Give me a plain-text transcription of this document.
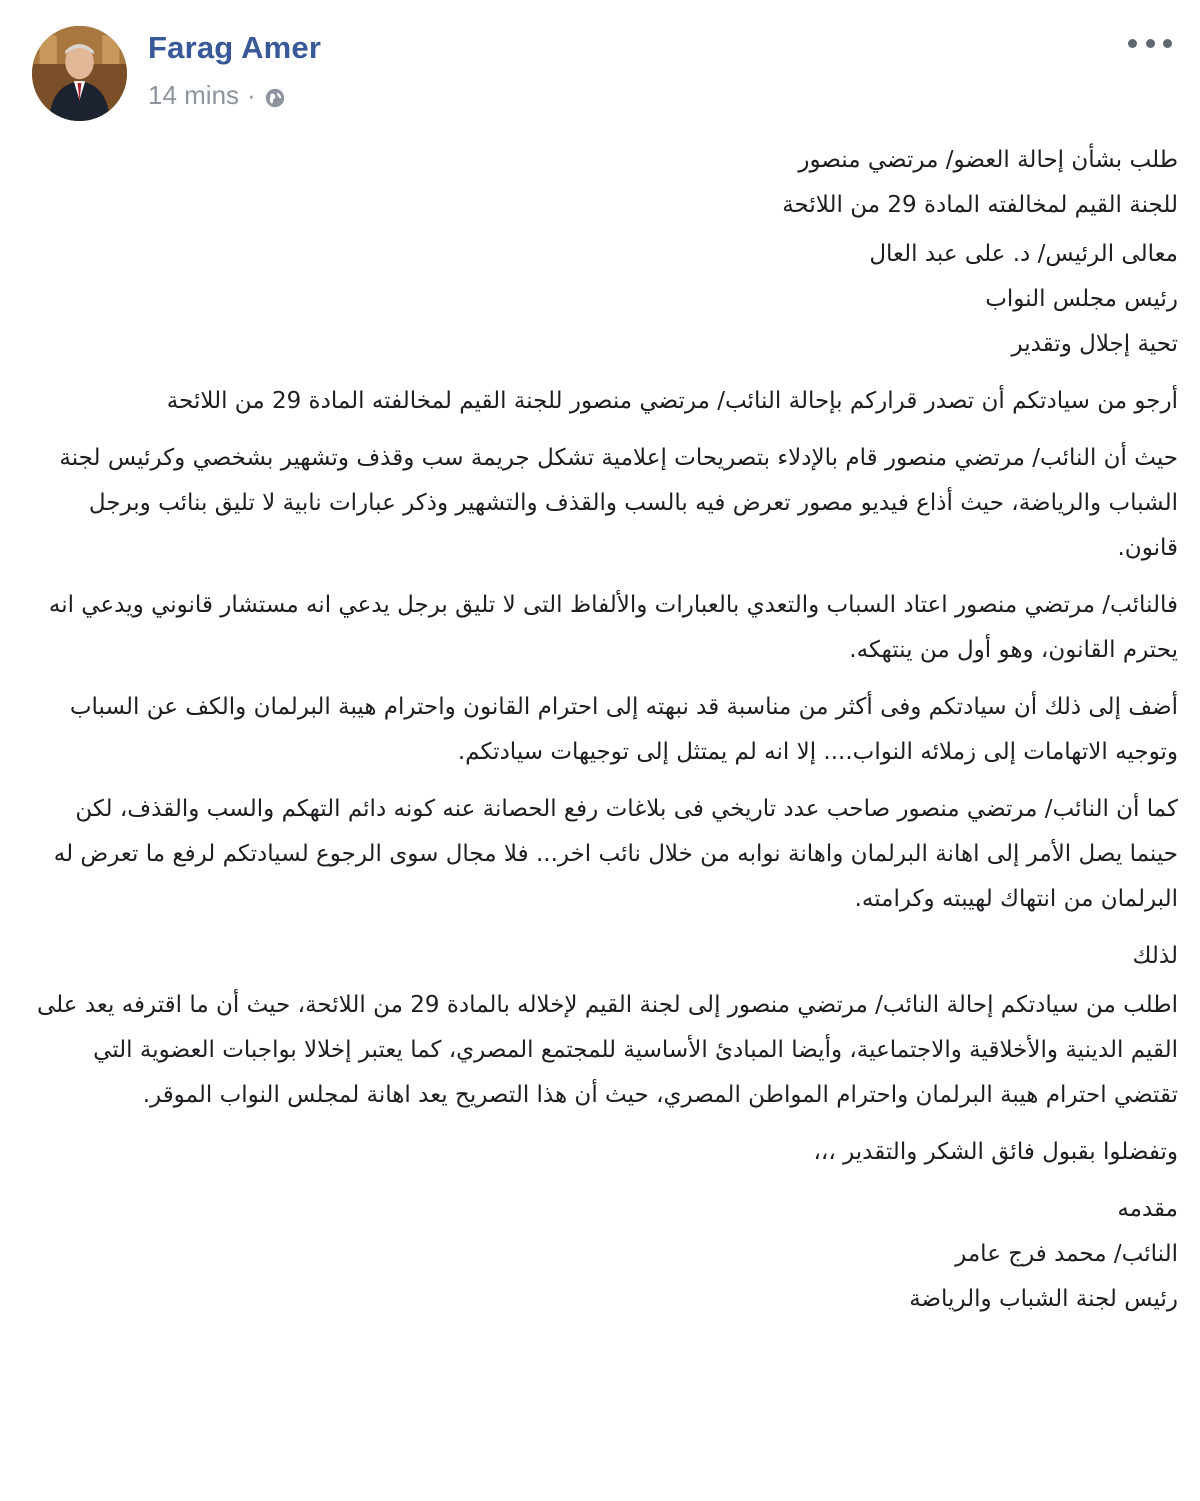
Farag Amer
14 mins ·

طلب بشأن إحالة العضو/ مرتضي منصور
للجنة القيم لمخالفته المادة 29 من اللائحة

معالى الرئيس/ د. على عبد العال
رئيس مجلس النواب
تحية إجلال وتقدير

أرجو من سيادتكم أن تصدر قراركم بإحالة النائب/ مرتضي منصور للجنة القيم لمخالفته المادة 29 من اللائحة

حيث أن النائب/ مرتضي منصور قام بالإدلاء بتصريحات إعلامية تشكل جريمة سب وقذف وتشهير بشخصي وكرئيس لجنة الشباب والرياضة، حيث أذاع فيديو مصور تعرض فيه بالسب والقذف والتشهير وذكر عبارات نابية لا تليق بنائب وبرجل قانون.

فالنائب/ مرتضي منصور اعتاد السباب والتعدي بالعبارات والألفاظ التى لا تليق برجل يدعي انه مستشار قانوني ويدعي انه يحترم القانون، وهو أول من ينتهكه.

أضف إلى ذلك أن سيادتكم وفى أكثر من مناسبة قد نبهته إلى احترام القانون واحترام هيبة البرلمان والكف عن السباب وتوجيه الاتهامات إلى زملائه النواب.... إلا انه لم يمتثل إلى توجيهات سيادتكم.

كما أن النائب/ مرتضي منصور صاحب عدد تاريخي فى بلاغات رفع الحصانة عنه كونه دائم التهكم والسب والقذف، لكن حينما يصل الأمر إلى اهانة البرلمان واهانة نوابه من خلال نائب اخر... فلا مجال سوى الرجوع لسيادتكم لرفع ما تعرض له البرلمان من انتهاك لهيبته وكرامته.

لذلك

اطلب من سيادتكم إحالة النائب/ مرتضي منصور إلى لجنة القيم لإخلاله بالمادة 29 من اللائحة، حيث أن ما اقترفه يعد على القيم الدينية والأخلاقية والاجتماعية، وأيضا المبادئ الأساسية للمجتمع المصري، كما يعتبر إخلالا بواجبات العضوية التي تقتضي احترام هيبة البرلمان واحترام المواطن المصري، حيث أن هذا التصريح يعد اهانة لمجلس النواب الموقر.

وتفضلوا بقبول فائق الشكر والتقدير ،،،

مقدمه
النائب/ محمد فرج عامر
رئيس لجنة الشباب والرياضة
